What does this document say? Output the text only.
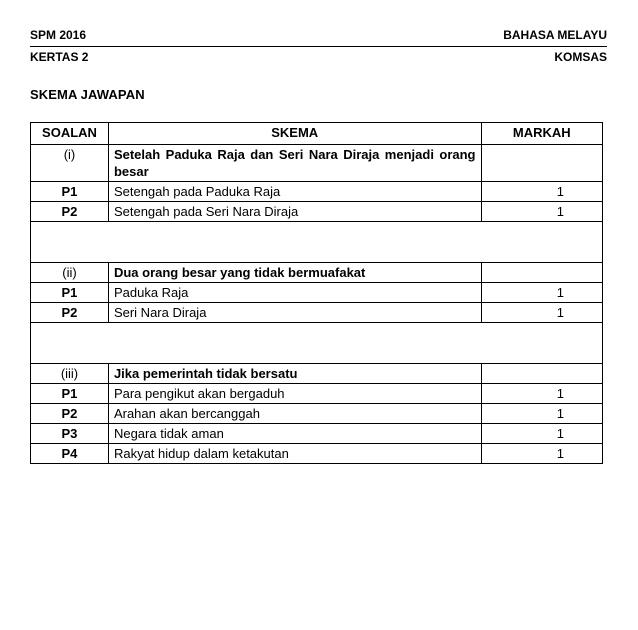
SPM 2016	BAHASA MELAYU
KERTAS 2	KOMSAS
SKEMA JAWAPAN
SOALAN	SKEMA	MARKAH
(i)	Setelah Paduka Raja dan Seri Nara Diraja menjadi orang besar	
P1	Setengah pada Paduka Raja	1
P2	Setengah pada Seri Nara Diraja	1

(ii)	Dua orang besar yang tidak bermuafakat	
P1	Paduka Raja	1
P2	Seri Nara Diraja	1

(iii)	Jika pemerintah tidak bersatu	
P1	Para pengikut akan bergaduh	1
P2	Arahan akan bercanggah	1
P3	Negara tidak aman	1
P4	Rakyat hidup dalam ketakutan	1
